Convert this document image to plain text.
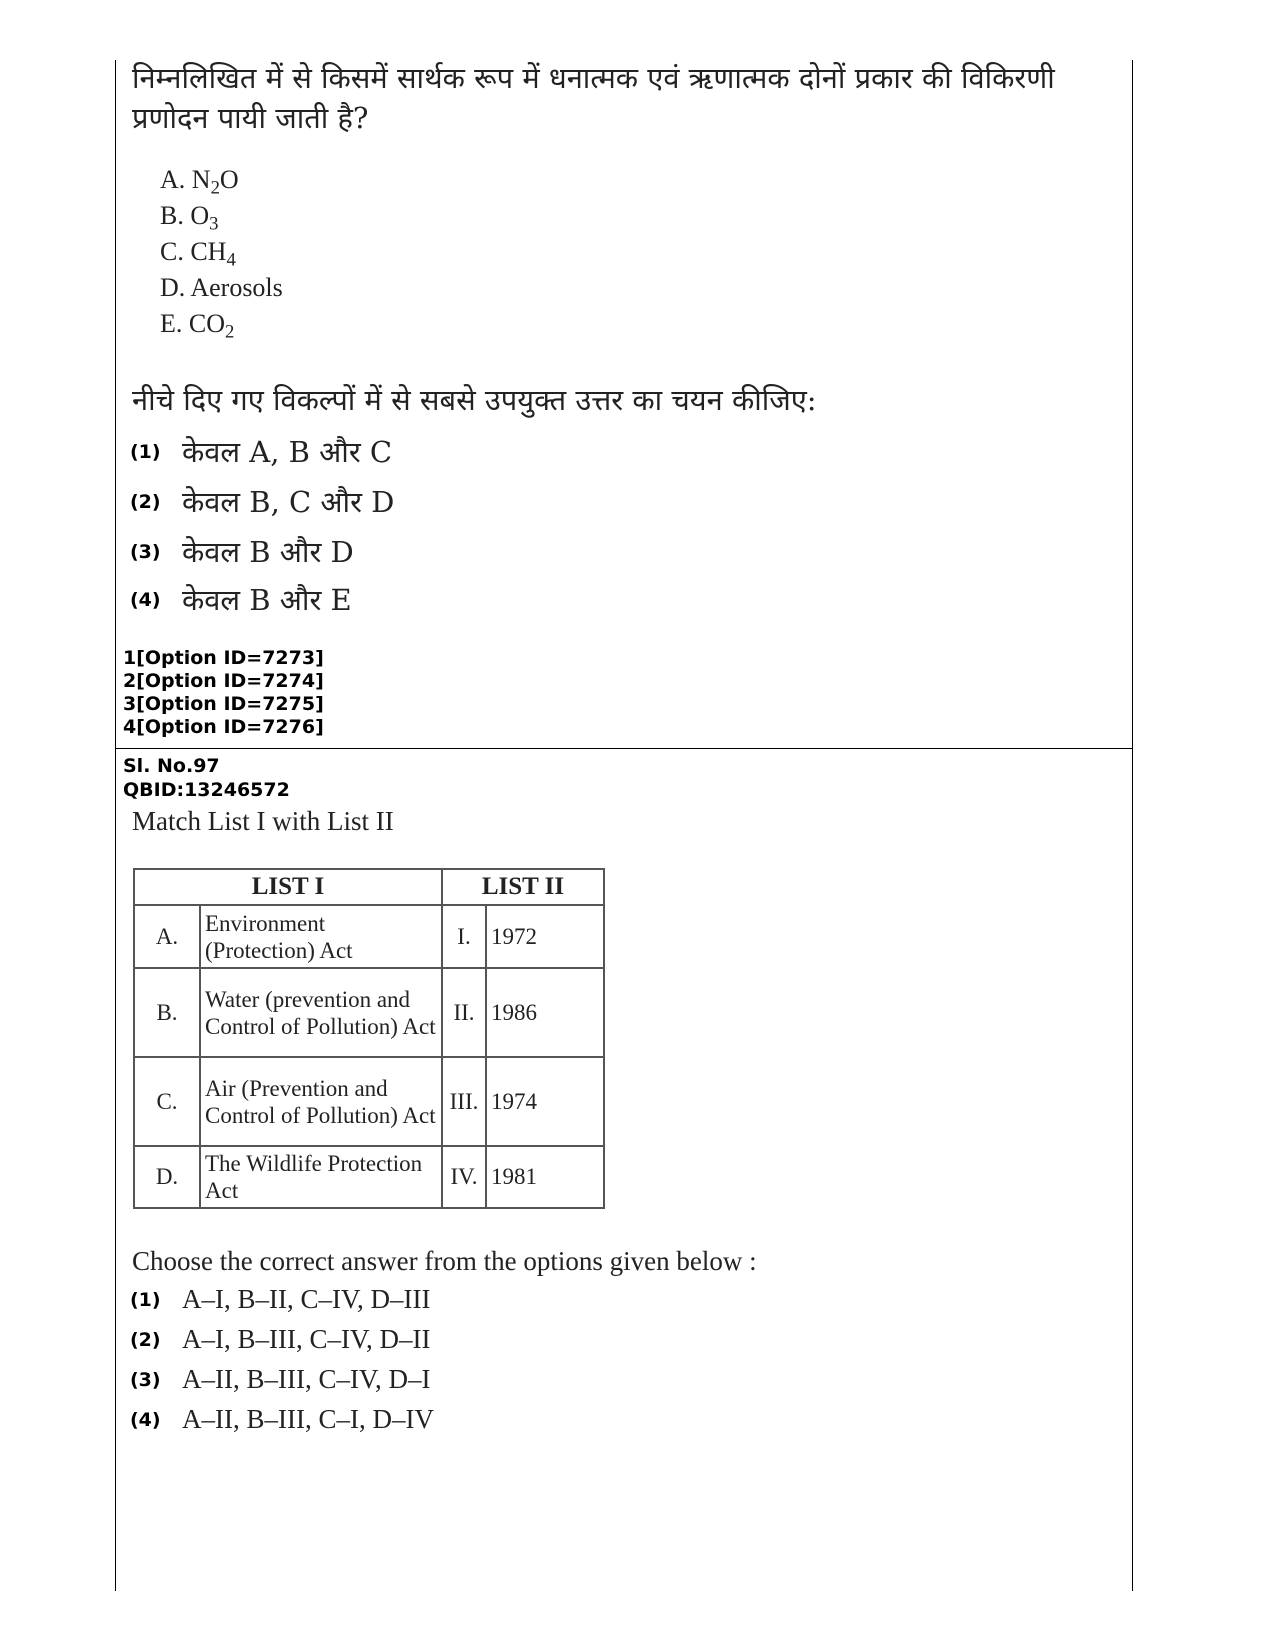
निम्नलिखित में से किसमें सार्थक रूप में धनात्मक एवं ऋणात्मक दोनों प्रकार की विकिरणी प्रणोदन पायी जाती है?
A. $N_2O$
B. $O_3$
C. $CH_4$
D. Aerosols
E. $CO_2$
नीचे दिए गए विकल्पों में से सबसे उपयुक्त उत्तर का चयन कीजिए:
(1) केवल A, B और C
(2) केवल B, C और D
(3) केवल B और D
(4) केवल B और E
1[Option ID=7273]
2[Option ID=7274]
3[Option ID=7275]
4[Option ID=7276]
Sl. No.97
QBID:13246572
Match List I with List II
LIST I		LIST II	
A.	Environment (Protection) Act	I.	1972
B.	Water (prevention and Control of Pollution) Act	II.	1986
C.	Air (Prevention and Control of Pollution) Act	III.	1974
D.	The Wildlife Protection Act	IV.	1981
Choose the correct answer from the options given below :
(1) A–I, B–II, C–IV, D–III
(2) A–I, B–III, C–IV, D–II
(3) A–II, B–III, C–IV, D–I
(4) A–II, B–III, C–I, D–IV
